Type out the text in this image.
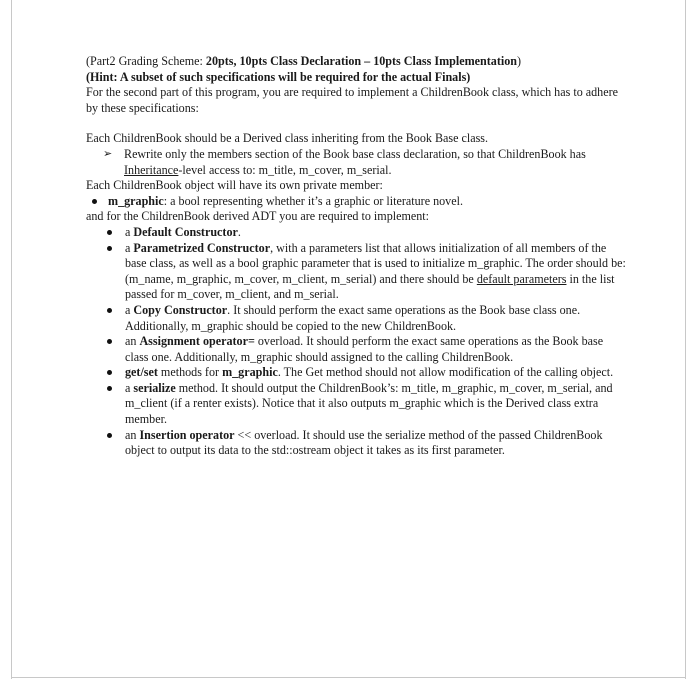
(Part2 Grading Scheme: 20pts, 10pts Class Declaration – 10pts Class Implementation)

(Hint: A subset of such specifications will be required for the actual Finals)

For the second part of this program, you are required to implement a ChildrenBook class, which has to adhere by these specifications:

Each ChildrenBook should be a Derived class inheriting from the Book Base class.

➢ Rewrite only the members section of the Book base class declaration, so that ChildrenBook has Inheritance-level access to: m_title, m_cover, m_serial.

Each ChildrenBook object will have its own private member:

m_graphic: a bool representing whether it’s a graphic or literature novel.

and for the ChildrenBook derived ADT you are required to implement:

a Default Constructor.
a Parametrized Constructor, with a parameters list that allows initialization of all members of the base class, as well as a bool graphic parameter that is used to initialize m_graphic. The order should be: (m_name, m_graphic, m_cover, m_client, m_serial) and there should be default parameters in the list passed for m_cover, m_client, and m_serial.
a Copy Constructor. It should perform the exact same operations as the Book base class one. Additionally, m_graphic should be copied to the new ChildrenBook.
an Assignment operator= overload. It should perform the exact same operations as the Book base class one. Additionally, m_graphic should assigned to the calling ChildrenBook.
get/set methods for m_graphic. The Get method should not allow modification of the calling object.
a serialize method. It should output the ChildrenBook’s: m_title, m_graphic, m_cover, m_serial, and m_client (if a renter exists). Notice that it also outputs m_graphic which is the Derived class extra member.
an Insertion operator << overload. It should use the serialize method of the passed ChildrenBook object to output its data to the std::ostream object it takes as its first parameter.
